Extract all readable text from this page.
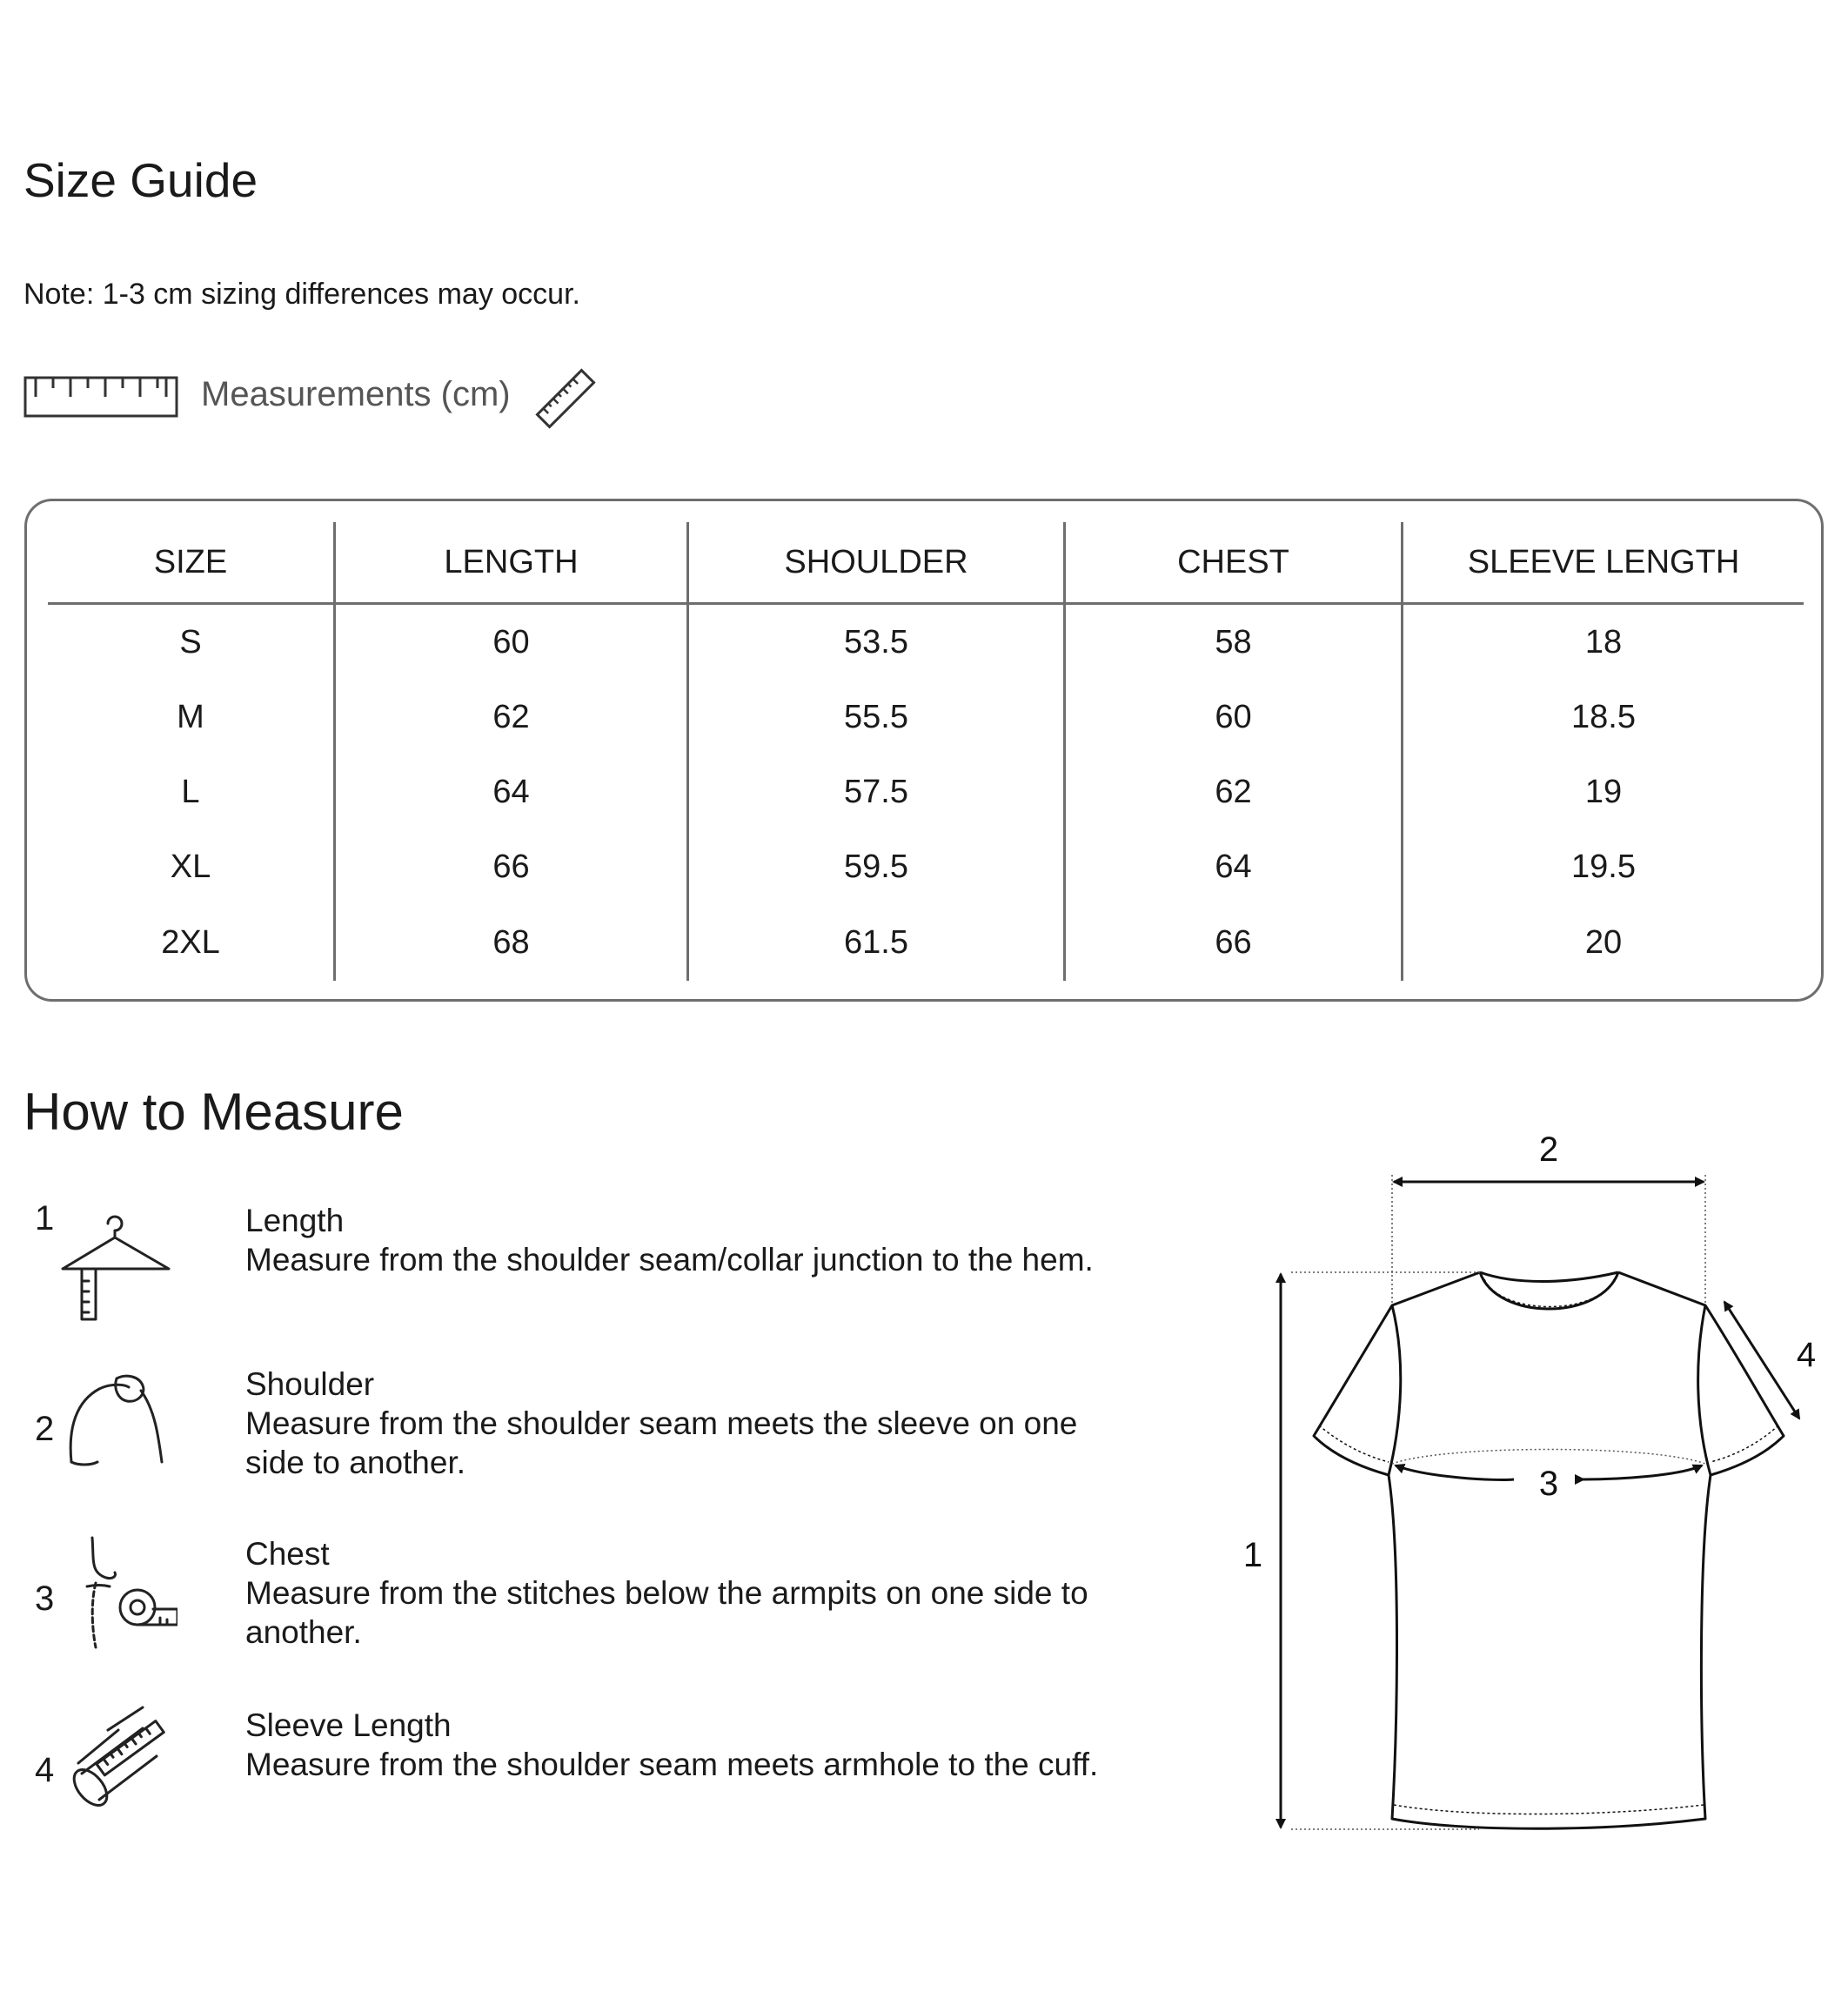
Size Guide
Note: 1-3 cm sizing differences may occur.
Measurements (cm)
SIZE	LENGTH	SHOULDER	CHEST	SLEEVE LENGTH
S	60	53.5	58	18
M	62	55.5	60	18.5
L	64	57.5	62	19
XL	66	59.5	64	19.5
2XL	68	61.5	66	20
How to Measure
1	Length
Measure from the shoulder seam/collar junction to the hem.
2
Shoulder
Measure from the shoulder seam meets the sleeve on one side to another.
3
Chest
Measure from the stitches below the armpits on one side to another.
4
Sleeve Length
Measure from the shoulder seam meets armhole to the cuff.
2
1
3
4
